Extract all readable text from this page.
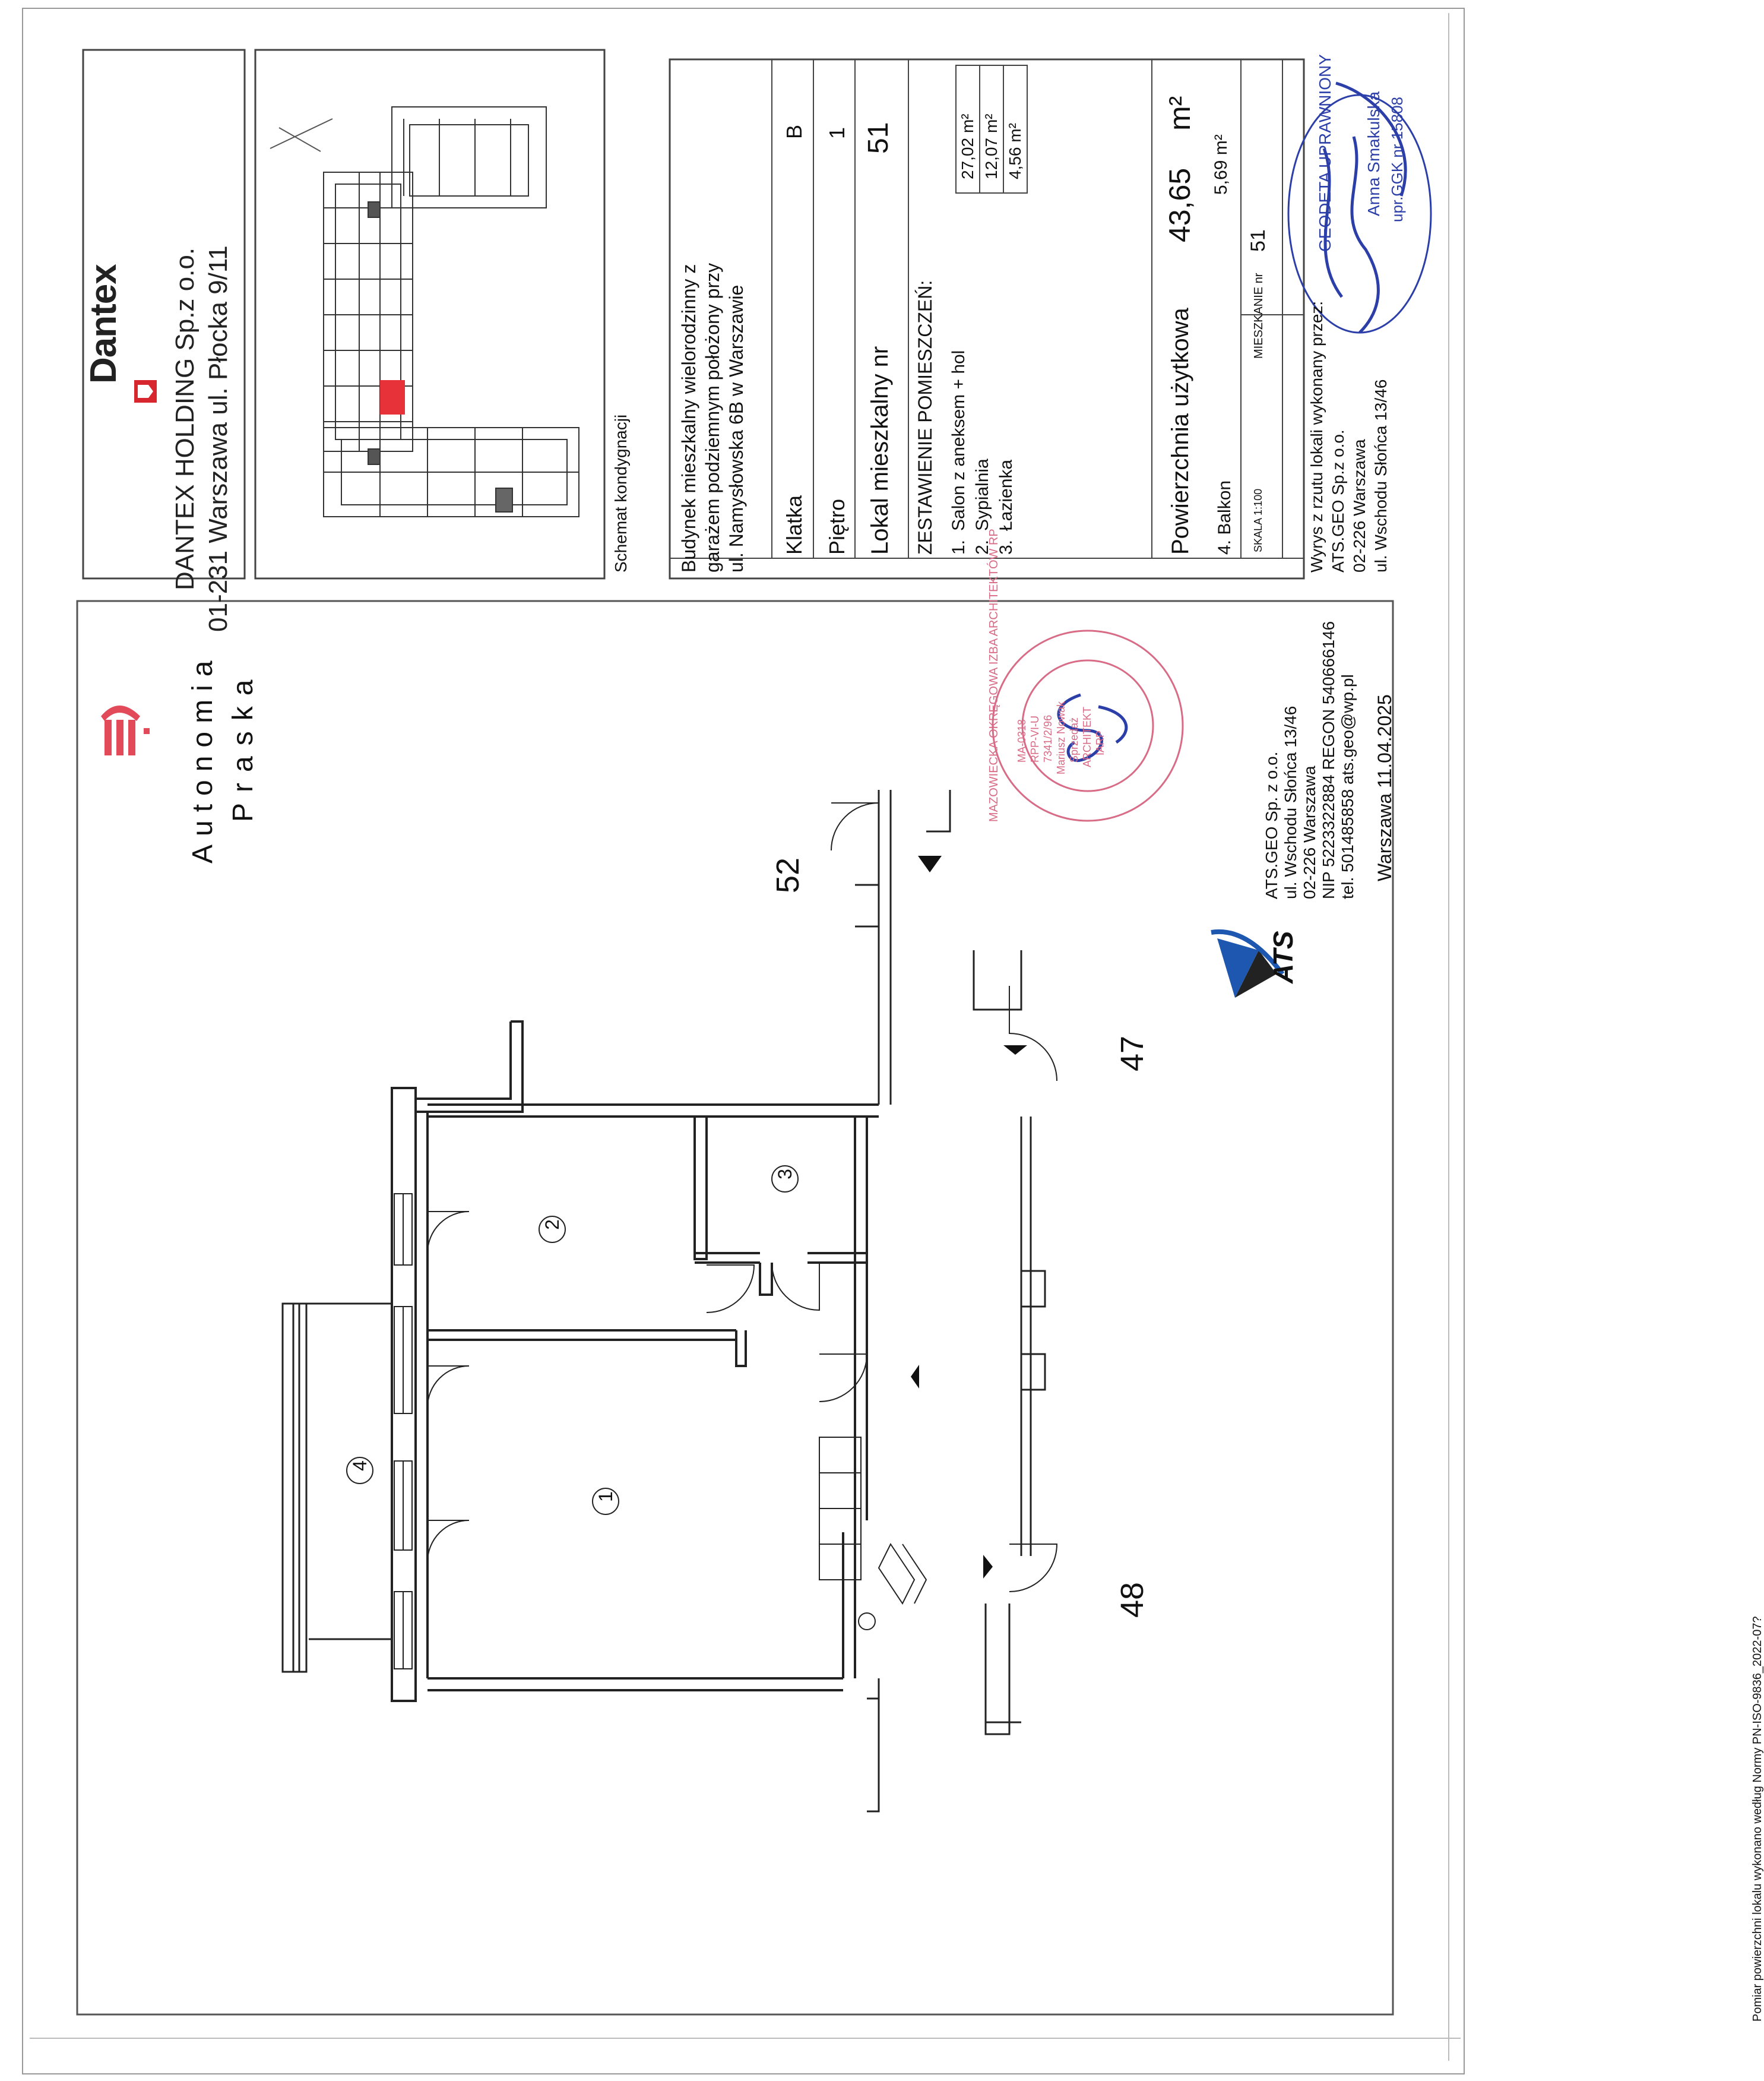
Dantex DANTEX HOLDING Sp.z o.o. 01-231 Warszawa ul. Płocka 9/11	Schemat kondygnacji	Budynek mieszkalny wielorodzinny z garażem podziemnym położony przy ul. Namysłowska 6B w Warszawie Klatka
B
Piętro
1
Lokal mieszkalny nr
51
ZESTAWIENIE POMIESZCZEŃ: 1.
Salon z aneksem + hol
27,02 m²
2.
Sypialnia
12,07 m²
3.
Łazienka
4,56 m²
Powierzchnia użytkowa
43,65
m²
4. Balkon
5,69 m²
SKALA 1:100
MIESZKANIE nr
51
Wyrys z rzutu lokali wykonany przez: ATS.GEO Sp.z o.o. 02-226 Warszawa ul. Wschodu Słońca 13/46
GEODETA UPRAWNIONY Anna Smakulska upr.GGK nr 15808
Autonomia Praska
ATS
ATS.GEO Sp. z o.o. ul. Wschodu Słońca 13/46 02-226 Warszawa NIP 5223322884 REGON 540666146 tel. 501485858 ats.geo@wp.pl Warszawa 11.04.2025
MAZOWIECKA OKRĘGOWA IZBA ARCHITEKTÓW RP MA-0318 RPP-VI-U 7341/2/96 Mariusz Nowak Sprzedaż ARCHITEKT IARP
52
47
48
1
2
3
4
Pomiar powierzchni lokalu wykonano według Normy PN-ISO-9836_2022-07?
